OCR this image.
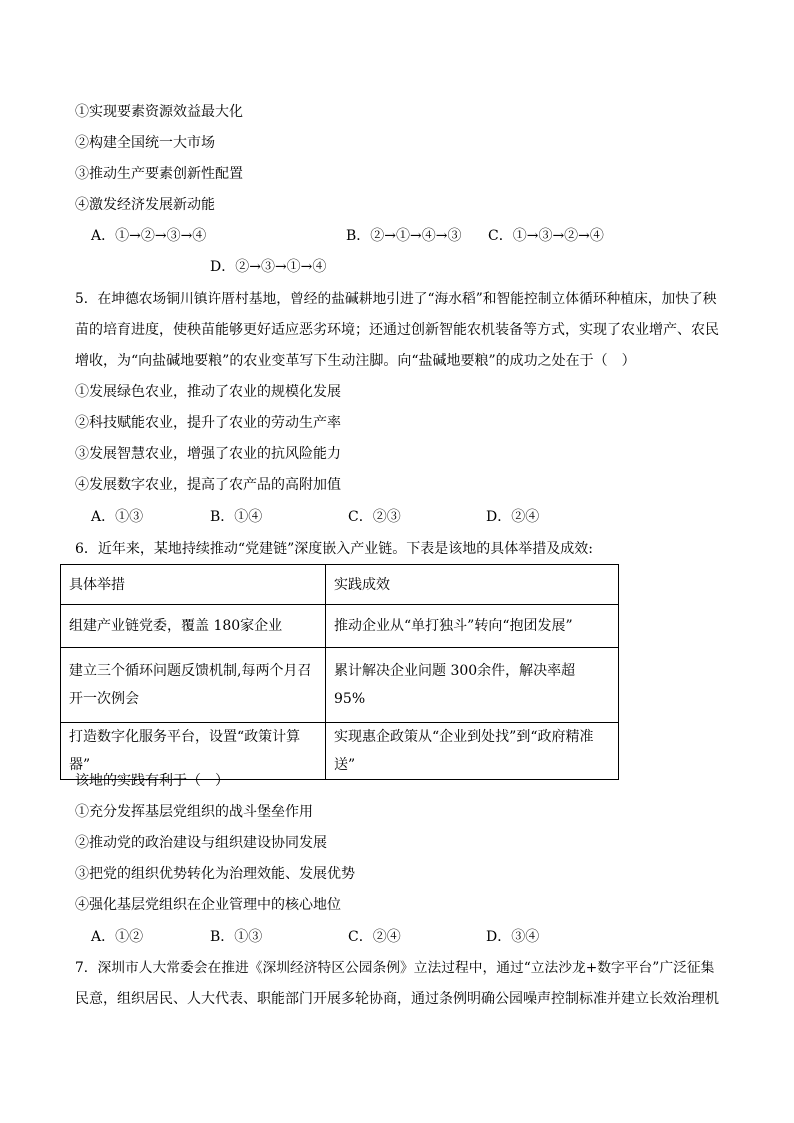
①实现要素资源效益最大化
②构建全国统一大市场
③推动生产要素创新性配置
④激发经济发展新动能
A．①→②→③→④	B．②→①→④→③ C．①→③→②→④
D．②→③→①→④
5．在坤德农场铜川镇许厝村基地，曾经的盐碱耕地引进了“海水稻”和智能控制立体循环种植床，加快了秧
苗的培育进度，使秧苗能够更好适应恶劣环境；还通过创新智能农机装备等方式，实现了农业增产、农民
增收，为“向盐碱地要粮”的农业变革写下生动注脚。向“盐碱地要粮”的成功之处在于（　）
①发展绿色农业，推动了农业的规模化发展
②科技赋能农业，提升了农业的劳动生产率
③发展智慧农业，增强了农业的抗风险能力
④发展数字农业，提高了农产品的高附加值
A．①③	B．①④	C．②③	D．②④
6．近年来，某地持续推动“党建链”深度嵌入产业链。下表是该地的具体举措及成效:
具体举措	实践成效
组建产业链党委，覆盖 180家企业	推动企业从“单打独斗”转向“抱团发展”
建立三个循环问题反馈机制,每两个月召开一次例会	累计解决企业问题 300余件，解决率超 95%
打造数字化服务平台，设置“政策计算器”	实现惠企政策从“企业到处找”到“政府精准送”
该地的实践有利于（　）
①充分发挥基层党组织的战斗堡垒作用
②推动党的政治建设与组织建设协同发展
③把党的组织优势转化为治理效能、发展优势
④强化基层党组织在企业管理中的核心地位
A．①②	B．①③	C．②④	D．③④
7．深圳市人大常委会在推进《深圳经济特区公园条例》立法过程中，通过“立法沙龙+数字平台”广泛征集
民意，组织居民、人大代表、职能部门开展多轮协商，通过条例明确公园噪声控制标准并建立长效治理机
